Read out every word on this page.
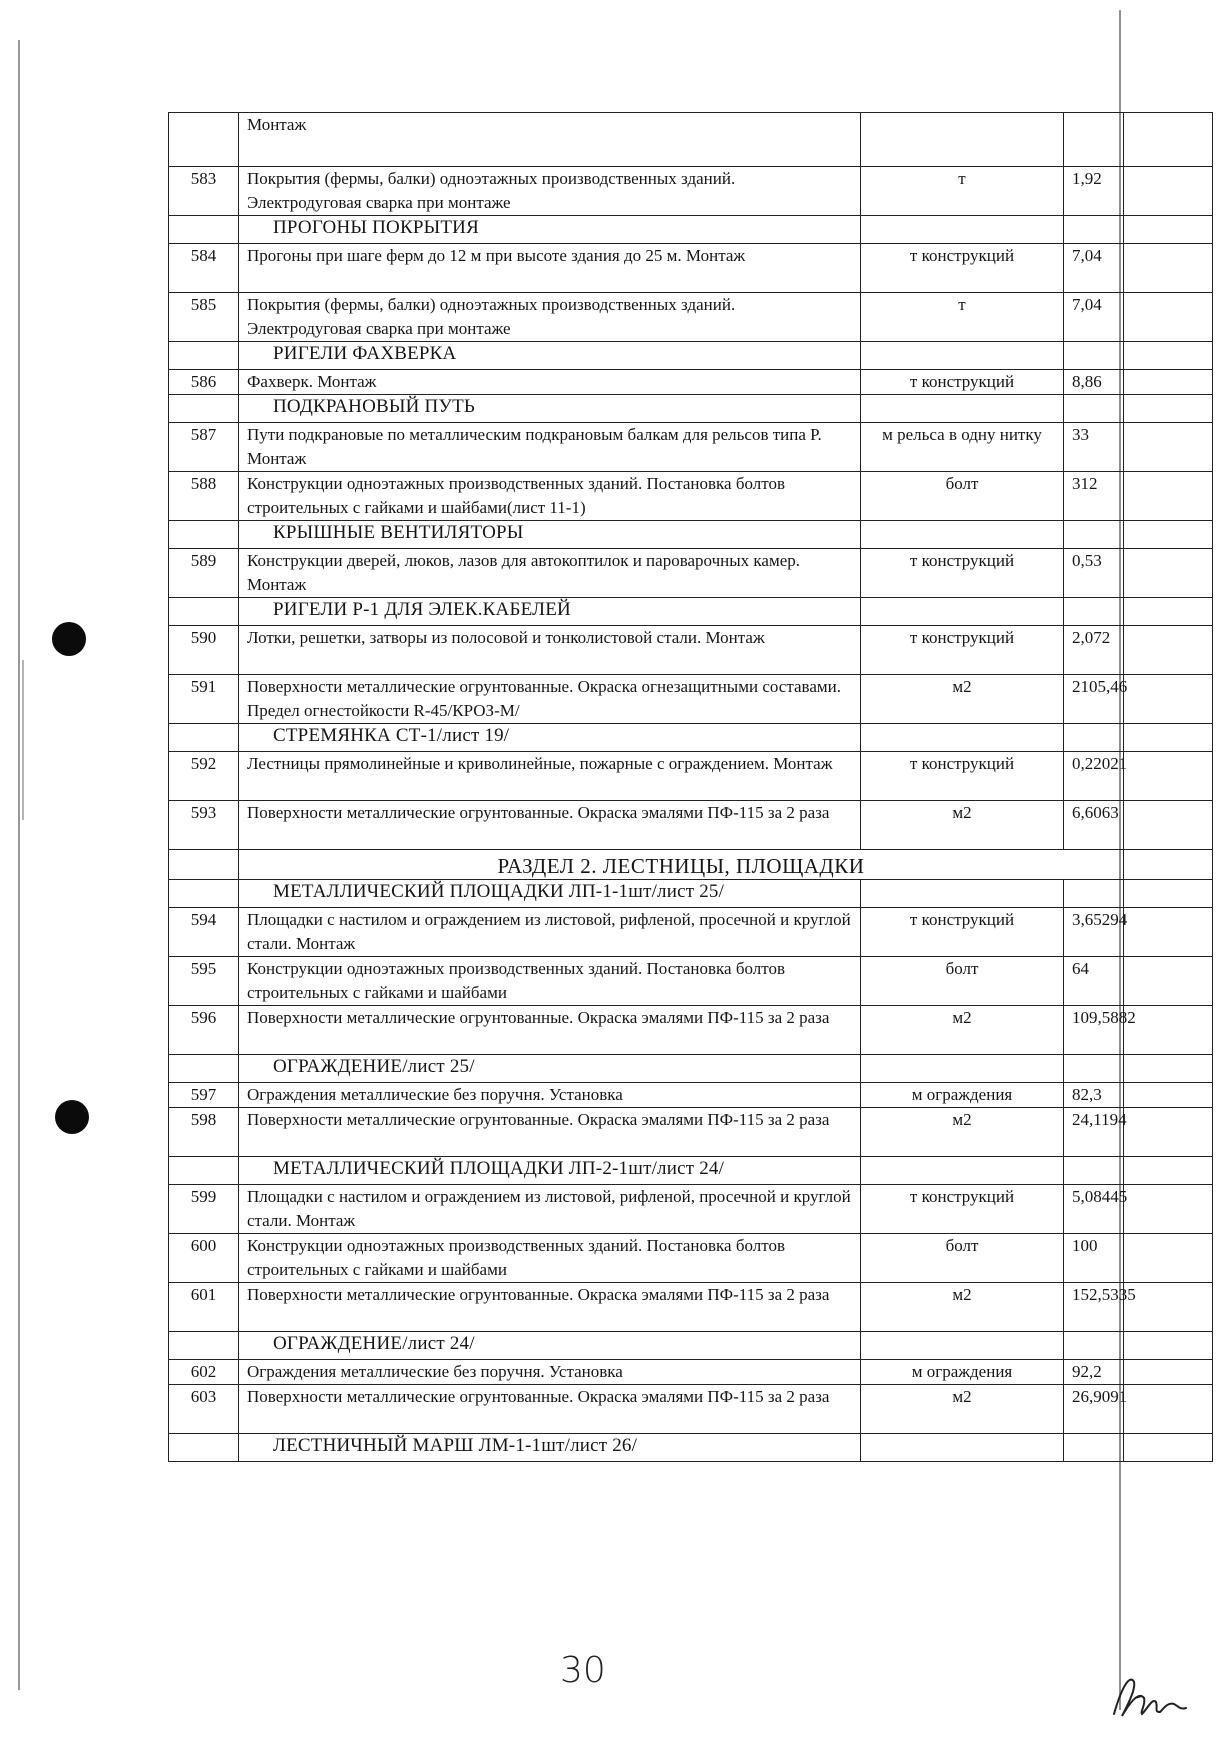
	Монтаж			
583	Покрытия (фермы, балки) одноэтажных производственных зданий. Электродуговая сварка при монтаже	т	1,92	
	ПРОГОНЫ ПОКРЫТИЯ			
584	Прогоны при шаге ферм до 12 м при высоте здания до 25 м. Монтаж	т конструкций	7,04	
585	Покрытия (фермы, балки) одноэтажных производственных зданий. Электродуговая сварка при монтаже	т	7,04	
	РИГЕЛИ ФАХВЕРКА			
586	Фахверк. Монтаж	т конструкций	8,86	
	ПОДКРАНОВЫЙ ПУТЬ			
587	Пути подкрановые по металлическим подкрановым балкам для рельсов типа Р. Монтаж	м рельса в одну нитку	33	
588	Конструкции одноэтажных производственных зданий. Постановка болтов строительных с гайками и шайбами(лист 11-1)	болт	312	
	КРЫШНЫЕ ВЕНТИЛЯТОРЫ			
589	Конструкции дверей, люков, лазов для автокоптилок и пароварочных камер. Монтаж	т конструкций	0,53	
	РИГЕЛИ Р-1 ДЛЯ ЭЛЕК.КАБЕЛЕЙ			
590	Лотки, решетки, затворы из полосовой и тонколистовой стали. Монтаж	т конструкций	2,072	
591	Поверхности металлические огрунтованные. Окраска огнезащитными составами. Предел огнестойкости R-45/КРОЗ-М/	м2	2105,46	
	СТРЕМЯНКА СТ-1/лист 19/			
592	Лестницы прямолинейные и криволинейные, пожарные с ограждением. Монтаж	т конструкций	0,22021	
593	Поверхности металлические огрунтованные. Окраска эмалями ПФ-115 за 2 раза	м2	6,6063	
	РАЗДЕЛ 2. ЛЕСТНИЦЫ, ПЛОЩАДКИ			
	МЕТАЛЛИЧЕСКИЙ ПЛОЩАДКИ ЛП-1-1шт/лист 25/			
594	Площадки с настилом и ограждением из листовой, рифленой, просечной и круглой стали. Монтаж	т конструкций	3,65294	
595	Конструкции одноэтажных производственных зданий. Постановка болтов строительных с гайками и шайбами	болт	64	
596	Поверхности металлические огрунтованные. Окраска эмалями ПФ-115 за 2 раза	м2	109,5882	
	ОГРАЖДЕНИЕ/лист 25/			
597	Ограждения металлические без поручня. Установка	м ограждения	82,3	
598	Поверхности металлические огрунтованные. Окраска эмалями ПФ-115 за 2 раза	м2	24,1194	
	МЕТАЛЛИЧЕСКИЙ ПЛОЩАДКИ ЛП-2-1шт/лист 24/			
599	Площадки с настилом и ограждением из листовой, рифленой, просечной и круглой стали. Монтаж	т конструкций	5,08445	
600	Конструкции одноэтажных производственных зданий. Постановка болтов строительных с гайками и шайбами	болт	100	
601	Поверхности металлические огрунтованные. Окраска эмалями ПФ-115 за 2 раза	м2	152,5335	
	ОГРАЖДЕНИЕ/лист 24/			
602	Ограждения металлические без поручня. Установка	м ограждения	92,2	
603	Поверхности металлические огрунтованные. Окраска эмалями ПФ-115 за 2 раза	м2	26,9091	
	ЛЕСТНИЧНЫЙ МАРШ ЛМ-1-1шт/лист 26/			
30
